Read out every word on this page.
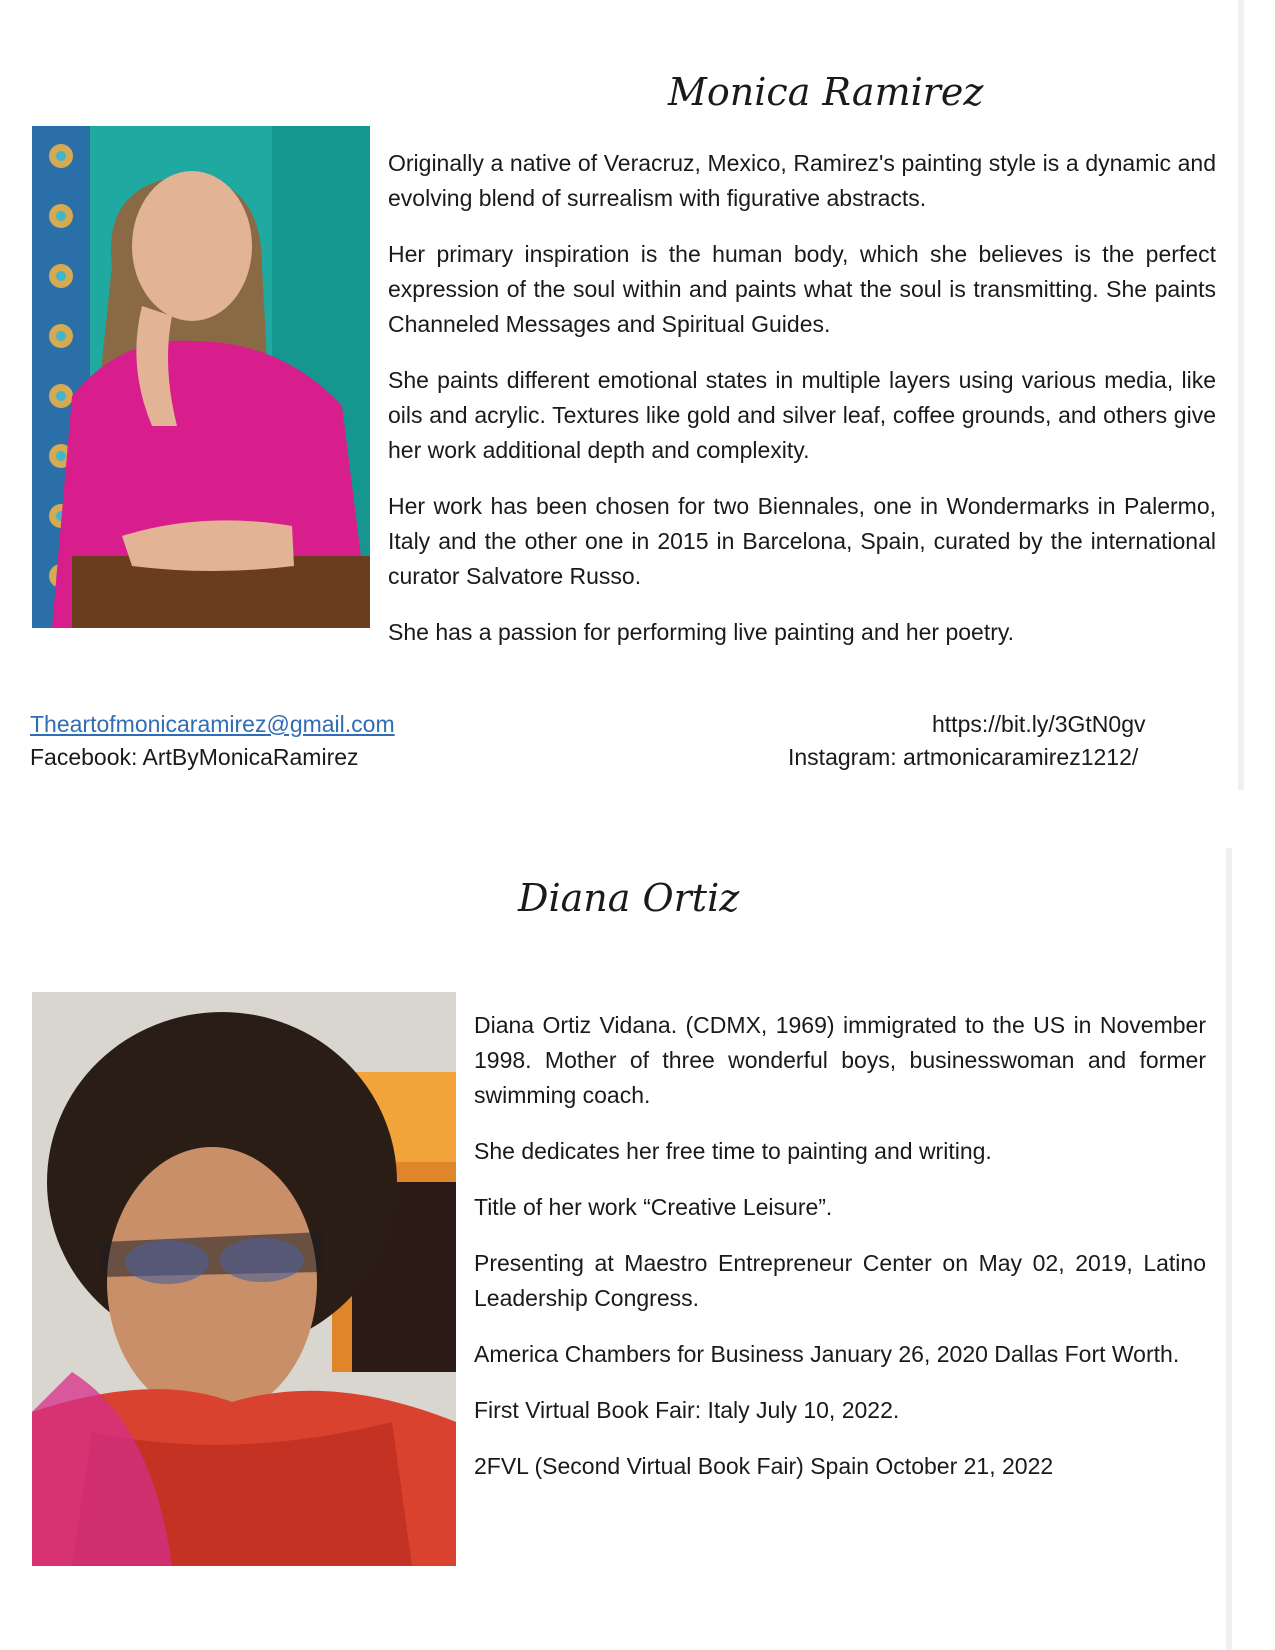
Monica Ramirez

Originally a native of Veracruz, Mexico, Ramirez's painting style is a dynamic and evolving blend of surrealism with figurative abstracts.

Her primary inspiration is the human body, which she believes is the perfect expression of the soul within and paints what the soul is transmitting. She paints Channeled Messages and Spiritual Guides.

She paints different emotional states in multiple layers using various media, like oils and acrylic. Textures like gold and silver leaf, coffee grounds, and others give her work additional depth and complexity.

Her work has been chosen for two Biennales, one in Wondermarks in Palermo, Italy and the other one in 2015 in Barcelona, Spain, curated by the international curator Salvatore Russo.

She has a passion for performing live painting and her poetry.

Theartofmonicaramirez@gmail.com
Facebook: ArtByMonicaRamirez
https://bit.ly/3GtN0gv
Instagram: artmonicaramirez1212/
Diana Ortiz

Diana Ortiz Vidana. (CDMX, 1969) immigrated to the US in November 1998. Mother of three wonderful boys, businesswoman and former swimming coach.

She dedicates her free time to painting and writing.

Title of her work “Creative Leisure”.

Presenting at Maestro Entrepreneur Center on May 02, 2019, Latino Leadership Congress.

America Chambers for Business January 26, 2020 Dallas Fort Worth.

First Virtual Book Fair: Italy July 10, 2022.

2FVL (Second Virtual Book Fair) Spain October 21, 2022
